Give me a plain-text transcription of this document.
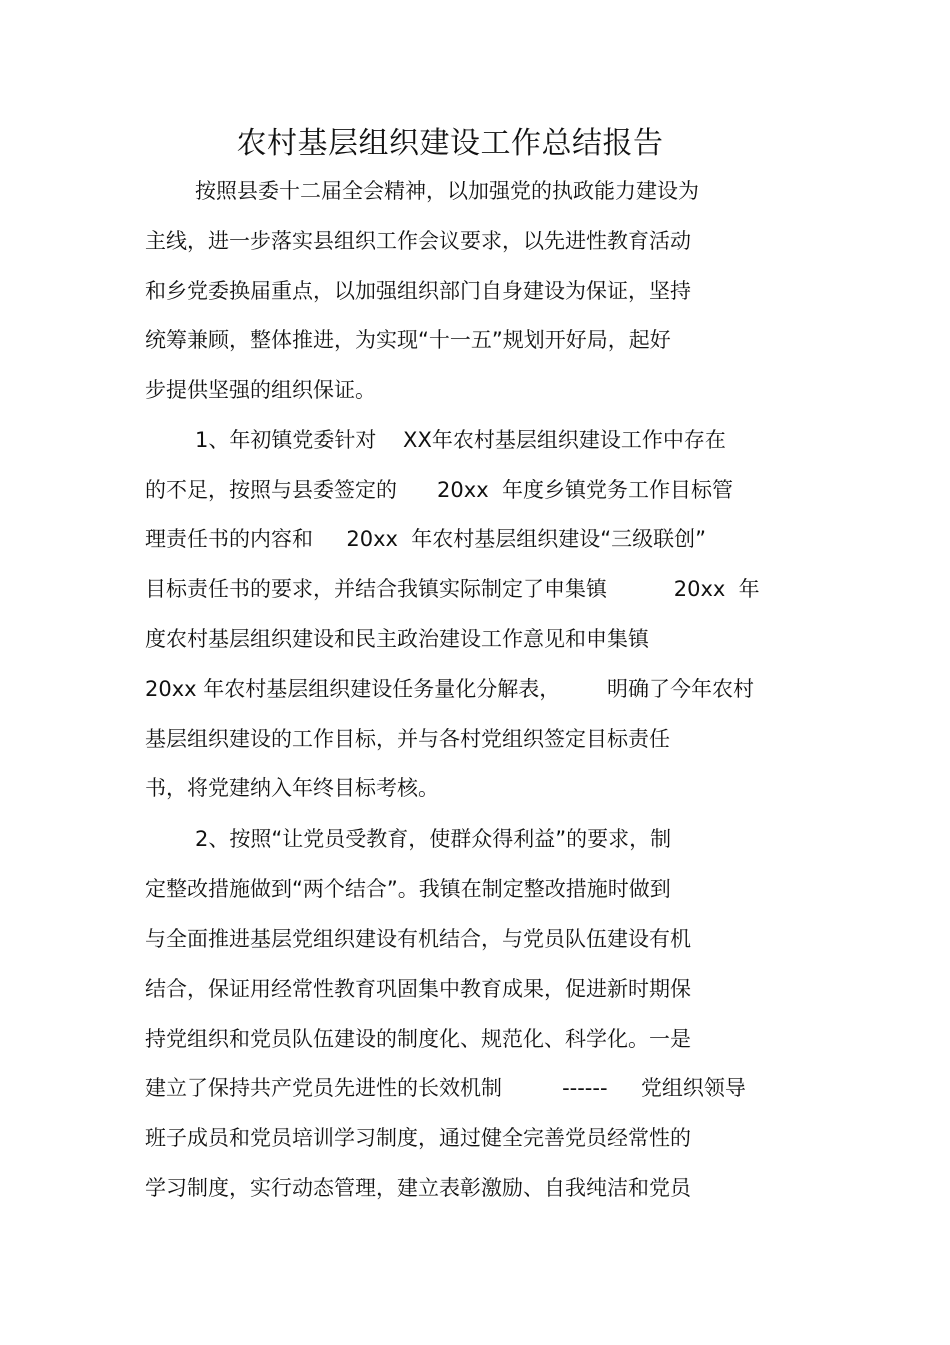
农村基层组织建设工作总结报告
按照县委十二届全会精神，以加强党的执政能力建设为
主线，进一步落实县组织工作会议要求，以先进性教育活动
和乡党委换届重点，以加强组织部门自身建设为保证，坚持
统筹兼顾，整体推进，为实现“十一五”规划开好局，起好
步提供坚强的组织保证。
1、年初镇党委针对    XX年农村基层组织建设工作中存在
的不足，按照与县委签定的      20xx  年度乡镇党务工作目标管
理责任书的内容和     20xx  年农村基层组织建设“三级联创”
目标责任书的要求，并结合我镇实际制定了申集镇          20xx  年
度农村基层组织建设和民主政治建设工作意见和申集镇
20xx 年农村基层组织建设任务量化分解表，       明确了今年农村
基层组织建设的工作目标，并与各村党组织签定目标责任
书，将党建纳入年终目标考核。
2、按照“让党员受教育，使群众得利益”的要求，制
定整改措施做到“两个结合”。我镇在制定整改措施时做到
与全面推进基层党组织建设有机结合，与党员队伍建设有机
结合，保证用经常性教育巩固集中教育成果，促进新时期保
持党组织和党员队伍建设的制度化、规范化、科学化。一是
建立了保持共产党员先进性的长效机制         ------     党组织领导
班子成员和党员培训学习制度，通过健全完善党员经常性的
学习制度，实行动态管理，建立表彰激励、自我纯洁和党员
